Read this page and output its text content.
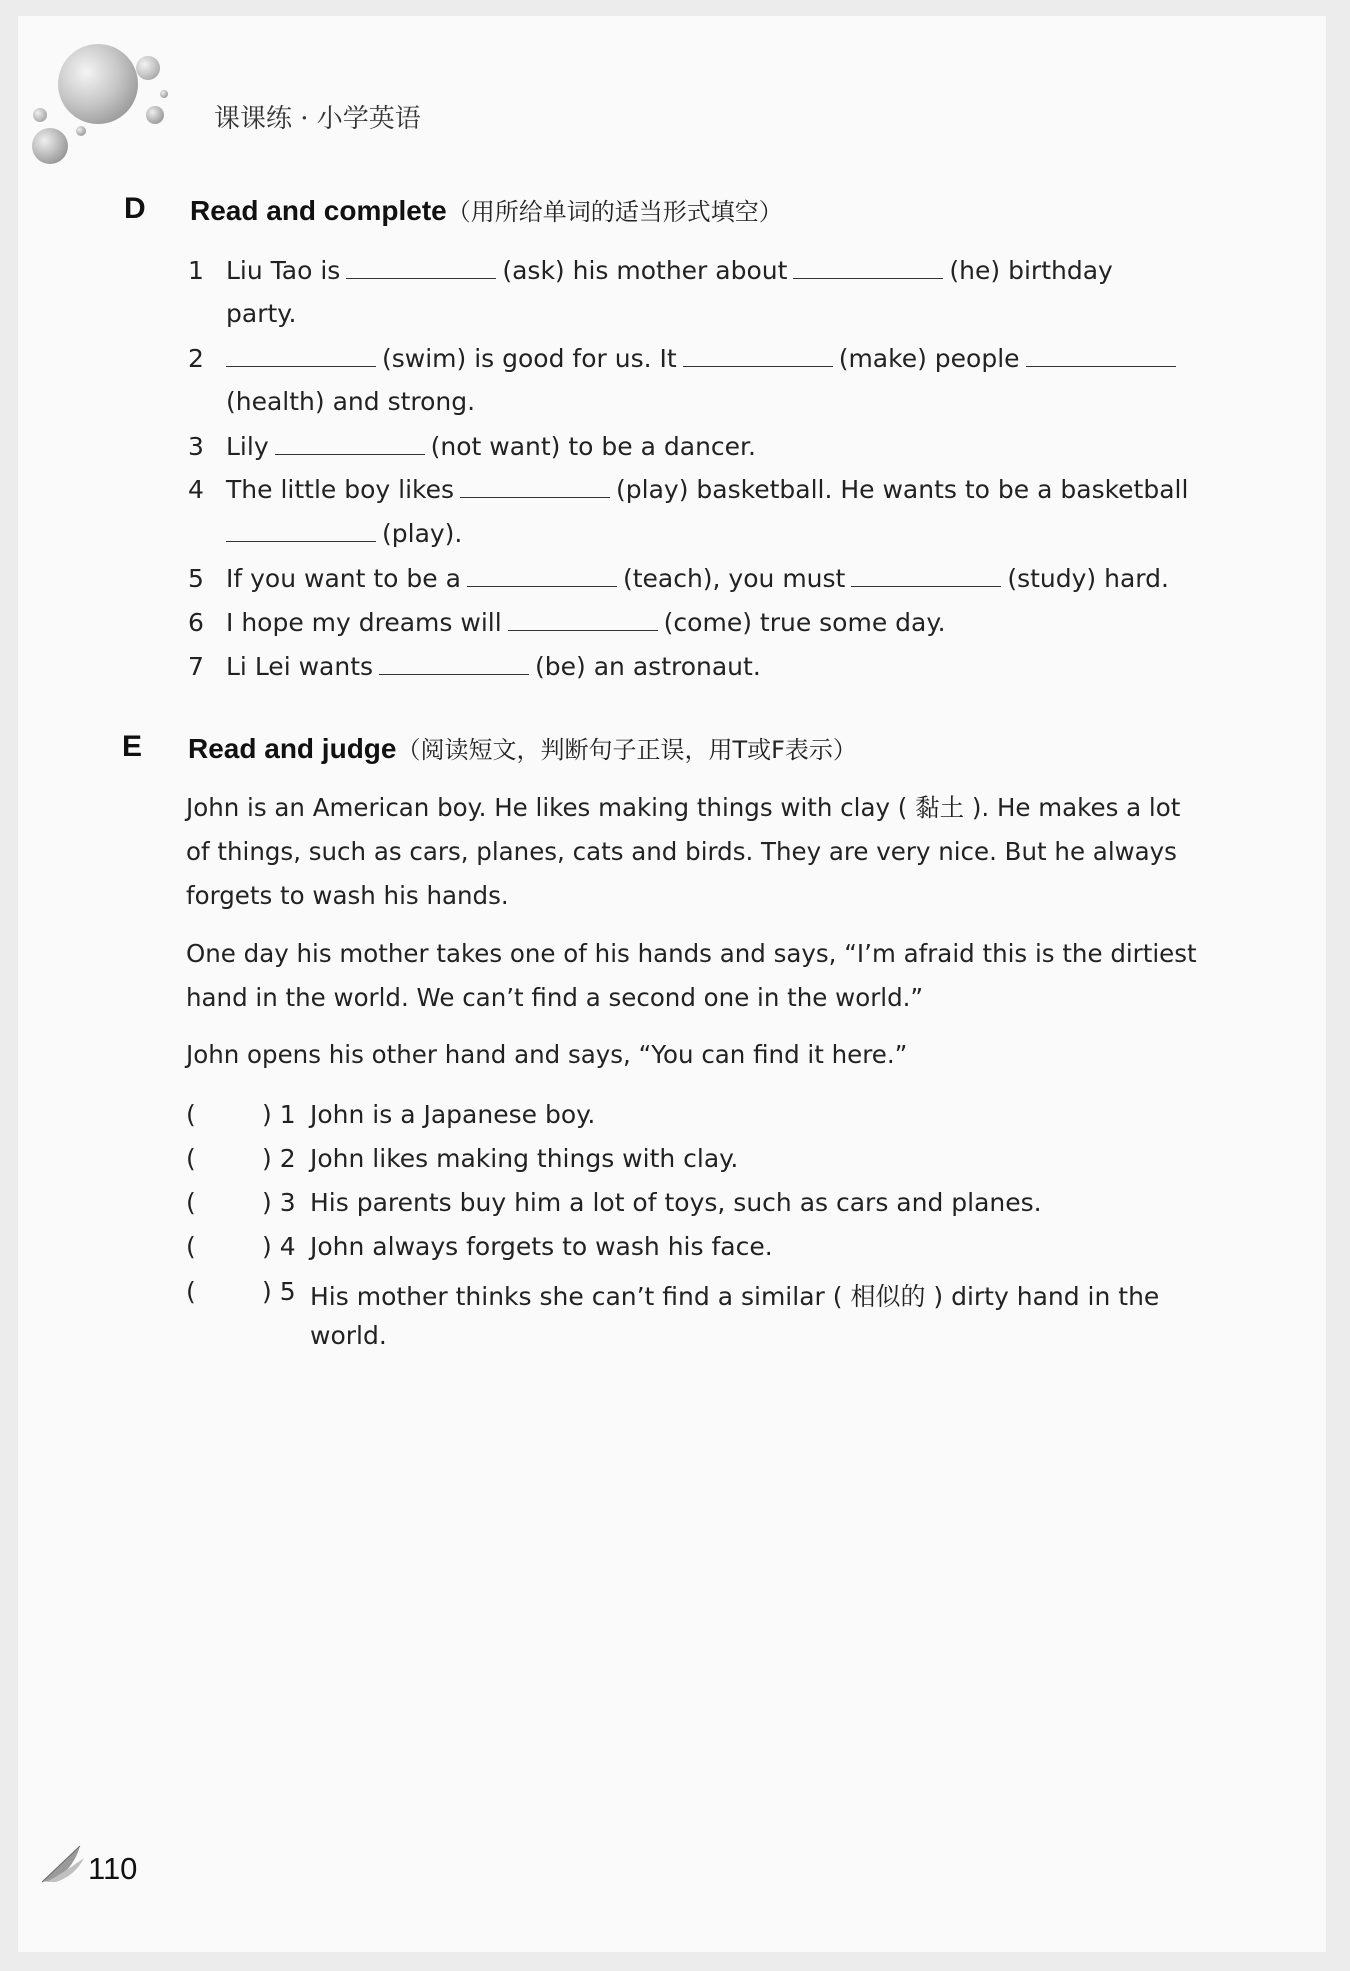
课课练 · 小学英语
D Read and complete（用所给单词的适当形式填空）
1 Liu Tao is	(ask) his mother about	(he) birthday
party.
2	(swim) is good for us. It	(make) people
(health) and strong.
3 Lily	(not want) to be a dancer.
4 The little boy likes	(play) basketball. He wants to be a basketball
(play).
5 If you want to be a	(teach), you must	(study) hard.
6 I hope my dreams will	(come) true some day.
7 Li Lei wants	(be) an astronaut.
E Read and judge（阅读短文，判断句子正误，用T或F表示）
John is an American boy. He likes making things with clay ( 黏土 ). He makes a lot of things, such as cars, planes, cats and birds. They are very nice. But he always forgets to wash his hands.
One day his mother takes one of his hands and says, “I’m afraid this is the dirtiest hand in the world. We can’t find a second one in the world.”
John opens his other hand and says, “You can find it here.”
(	) 1 John is a Japanese boy.
(	) 2 John likes making things with clay.
(	) 3 His parents buy him a lot of toys, such as cars and planes.
(	) 4 John always forgets to wash his face.
(	) 5 His mother thinks she can’t find a similar ( 相似的 ) dirty hand in the
world.
110
